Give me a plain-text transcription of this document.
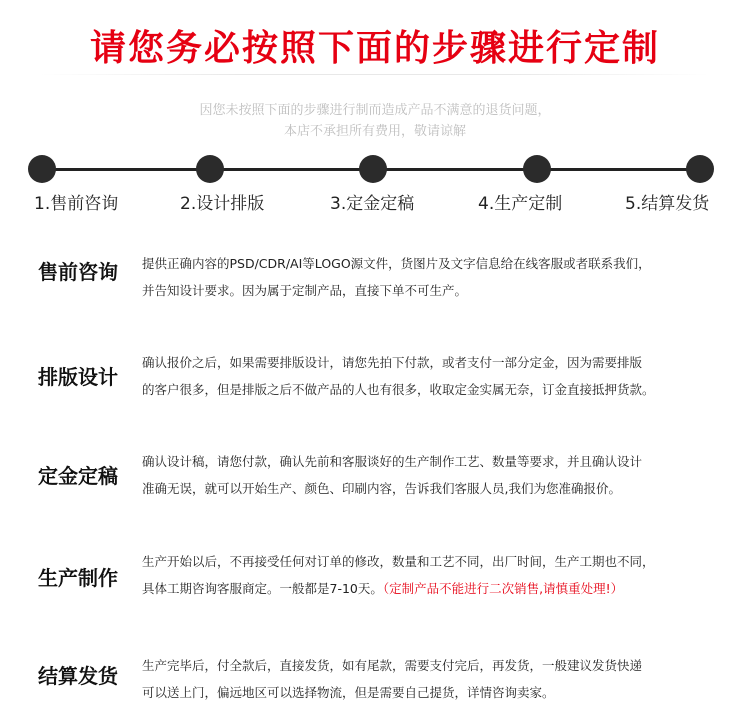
请您务必按照下面的步骤进行定制
因您未按照下面的步骤进行制而造成产品不满意的退货问题，
本店不承担所有费用，敬请谅解
1.售前咨询	2.设计排版	3.定金定稿	4.生产定制	5.结算发货
售前咨询 提供正确内容的PSD/CDR/AI等LOGO源文件，货图片及文字信息给在线客服或者联系我们，
并告知设计要求。因为属于定制产品，直接下单不可生产。
排版设计
确认报价之后，如果需要排版设计，请您先拍下付款，或者支付一部分定金，因为需要排版
的客户很多，但是排版之后不做产品的人也有很多，收取定金实属无奈，订金直接抵押货款。
定金定稿
确认设计稿，请您付款，确认先前和客服谈好的生产制作工艺、数量等要求，并且确认设计
准确无误，就可以开始生产、颜色、印刷内容，告诉我们客服人员,我们为您准确报价。
生产制作
生产开始以后，不再接受任何对订单的修改，数量和工艺不同，出厂时间，生产工期也不同，
具体工期咨询客服商定。一般都是7-10天。（定制产品不能进行二次销售,请慎重处理!）
结算发货 生产完毕后，付全款后，直接发货，如有尾款，需要支付完后，再发货，一般建议发货快递
可以送上门，偏远地区可以选择物流，但是需要自己提货，详情咨询卖家。
